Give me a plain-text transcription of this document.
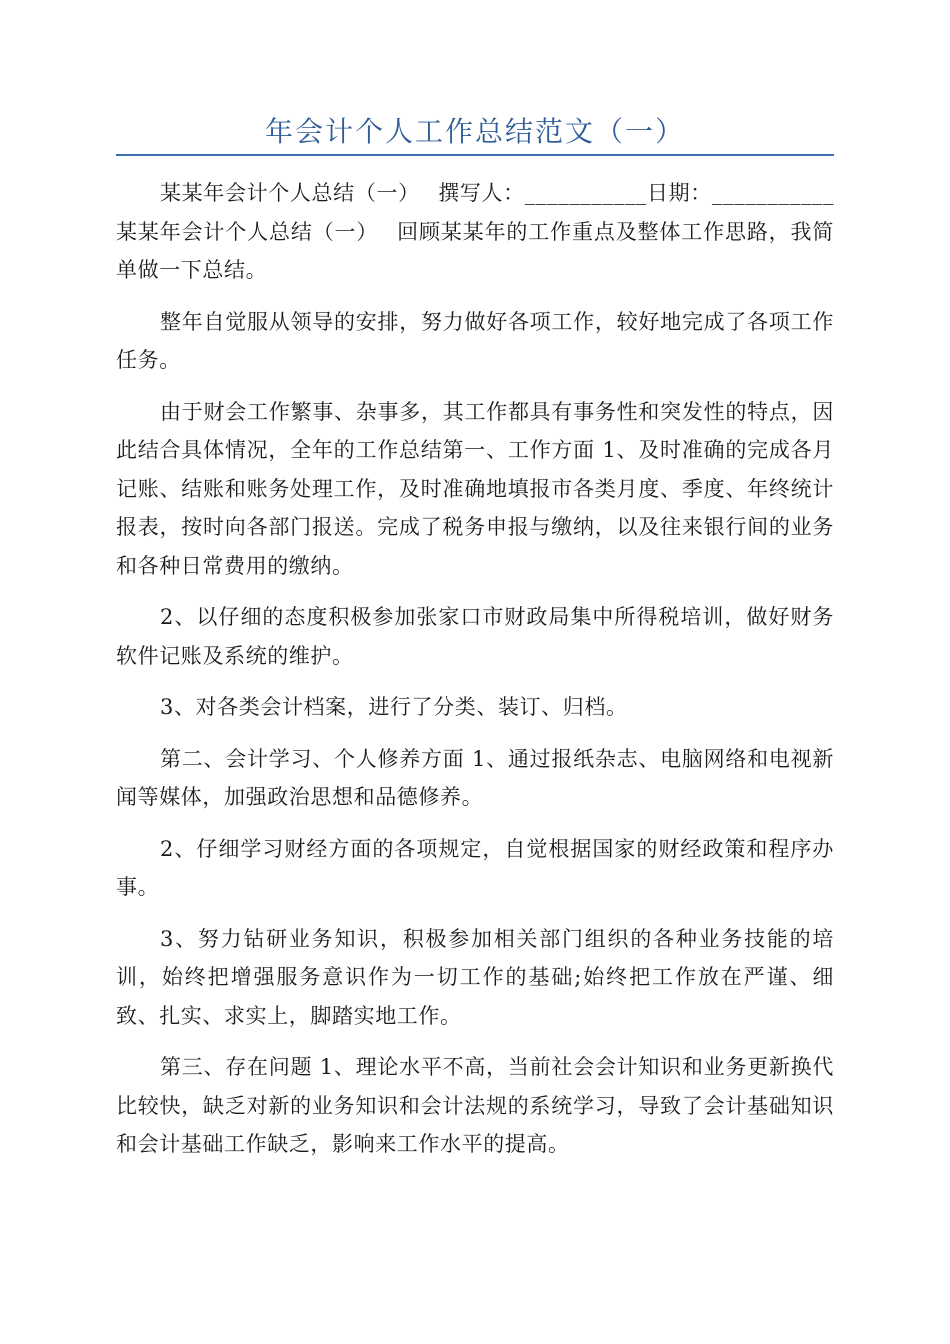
年会计个人工作总结范文（一）

某某年会计个人总结（一）　 撰写人：___________日期：___________某某年会计个人总结（一）　 回顾某某年的工作重点及整体工作思路，我简单做一下总结。

整年自觉服从领导的安排，努力做好各项工作，较好地完成了各项工作任务。

由于财会工作繁事、杂事多，其工作都具有事务性和突发性的特点，因此结合具体情况，全年的工作总结第一、工作方面 1、及时准确的完成各月记账、结账和账务处理工作，及时准确地填报市各类月度、季度、年终统计报表，按时向各部门报送。完成了税务申报与缴纳，以及往来银行间的业务和各种日常费用的缴纳。

2、以仔细的态度积极参加张家口市财政局集中所得税培训，做好财务软件记账及系统的维护。

3、对各类会计档案，进行了分类、装订、归档。

第二、会计学习、个人修养方面 1、通过报纸杂志、电脑网络和电视新闻等媒体，加强政治思想和品德修养。

2、仔细学习财经方面的各项规定，自觉根据国家的财经政策和程序办事。

3、努力钻研业务知识，积极参加相关部门组织的各种业务技能的培训，始终把增强服务意识作为一切工作的基础;始终把工作放在严谨、细致、扎实、求实上，脚踏实地工作。

第三、存在问题 1、理论水平不高，当前社会会计知识和业务更新换代比较快，缺乏对新的业务知识和会计法规的系统学习，导致了会计基础知识和会计基础工作缺乏，影响来工作水平的提高。
